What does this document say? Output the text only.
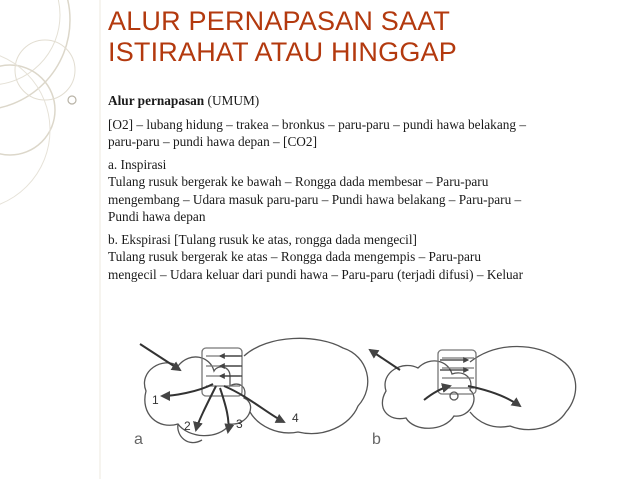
ALUR PERNAPASAN SAAT
ISTIRAHAT ATAU HINGGAP

Alur pernapasan (UMUM)

[O2] – lubang hidung – trakea – bronkus – paru-paru – pundi hawa belakang –
paru-paru – pundi hawa depan – [CO2]

a. Inspirasi
Tulang rusuk bergerak ke bawah – Rongga dada membesar – Paru-paru
mengembang – Udara masuk paru-paru – Pundi hawa belakang – Paru-paru –
Pundi hawa depan

b. Ekspirasi [Tulang rusuk ke atas, rongga dada mengecil]
Tulang rusuk bergerak ke atas – Rongga dada mengempis – Paru-paru
mengecil – Udara keluar dari pundi hawa – Paru-paru (terjadi difusi) – Keluar

1
2	3	4
a	b
